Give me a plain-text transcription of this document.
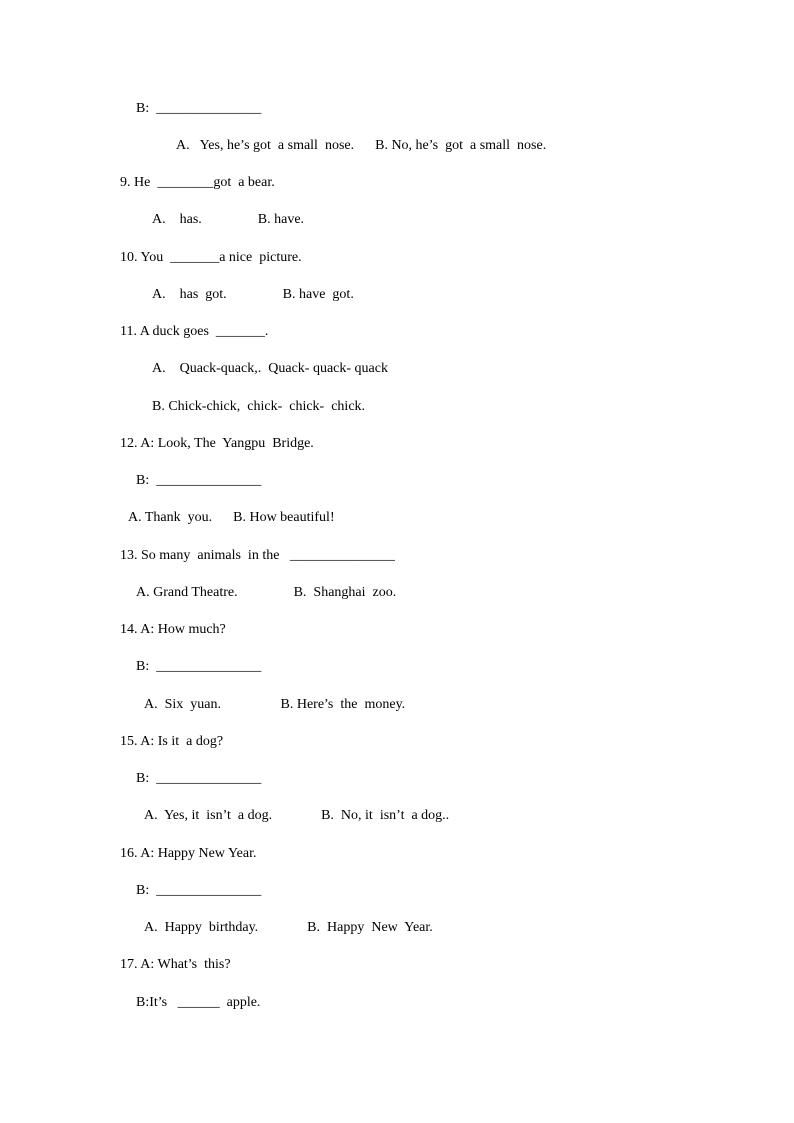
B:  _______________
A.   Yes, he’s got  a small  nose.      B. No, he’s  got  a small  nose.
9. He  ________got  a bear.
A.    has.                B. have.
10. You  _______a nice  picture.
A.    has  got.                B. have  got.
11. A duck goes  _______.
A.    Quack-quack,.  Quack- quack- quack
B. Chick-chick,  chick-  chick-  chick.
12. A: Look, The  Yangpu  Bridge.
B:  _______________
A. Thank  you.      B. How beautiful!
13. So many  animals  in the   _______________
A. Grand Theatre.                B.  Shanghai  zoo.
14. A: How much?
B:  _______________
A.  Six  yuan.                 B. Here’s  the  money.
15. A: Is it  a dog?
B:  _______________
A.  Yes, it  isn’t  a dog.              B.  No, it  isn’t  a dog..
16. A: Happy New Year.
B:  _______________
A.  Happy  birthday.              B.  Happy  New  Year.
17. A: What’s  this?
B:It’s   ______  apple.
